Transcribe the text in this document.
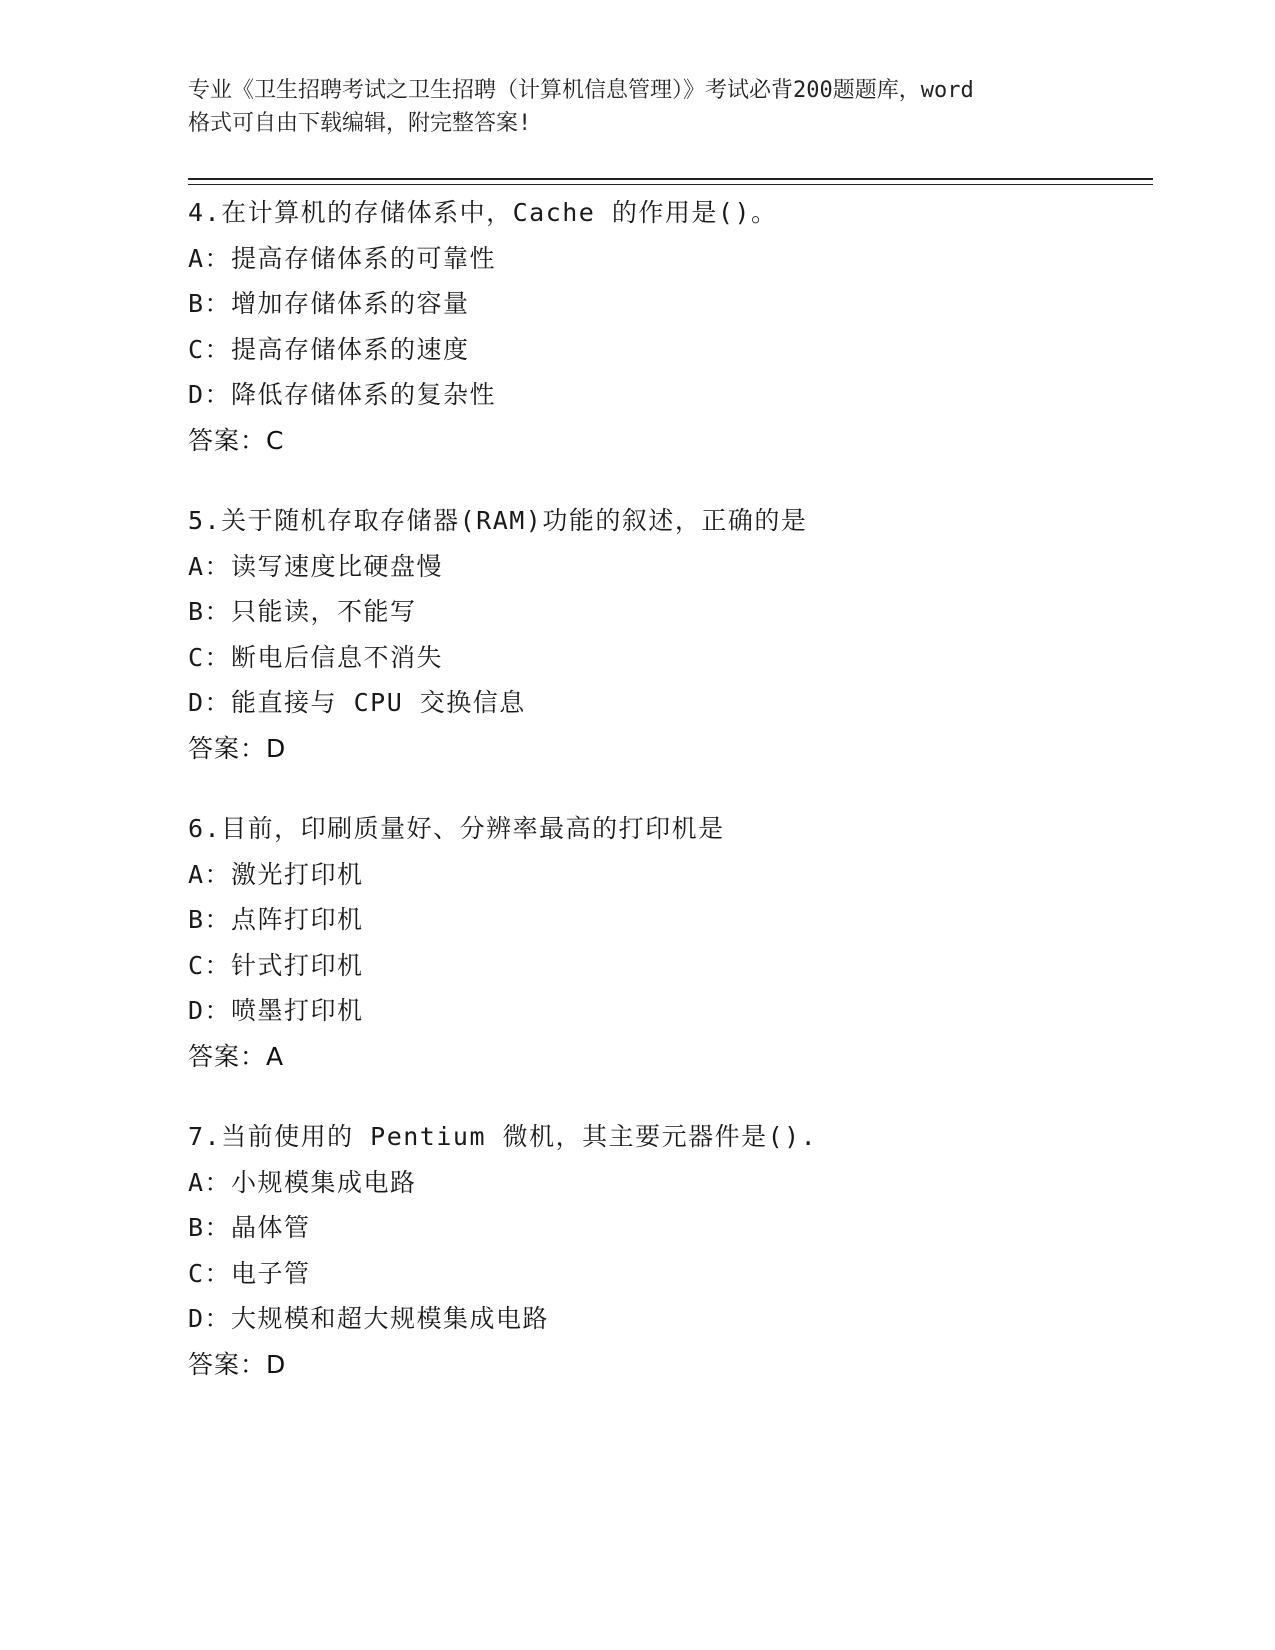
专业《卫生招聘考试之卫生招聘（计算机信息管理）》考试必背200题题库，word
格式可自由下载编辑，附完整答案!
4.在计算机的存储体系中，Cache 的作用是()。
A：提高存储体系的可靠性
B：增加存储体系的容量
C：提高存储体系的速度
D：降低存储体系的复杂性
答案：C
5.关于随机存取存储器(RAM)功能的叙述，正确的是
A：读写速度比硬盘慢
B：只能读，不能写
C：断电后信息不消失
D：能直接与 CPU 交换信息
答案：D
6.目前，印刷质量好、分辨率最高的打印机是
A：激光打印机
B：点阵打印机
C：针式打印机
D：喷墨打印机
答案：A
7.当前使用的 Pentium 微机，其主要元器件是().
A：小规模集成电路
B：晶体管
C：电子管
D：大规模和超大规模集成电路
答案：D
